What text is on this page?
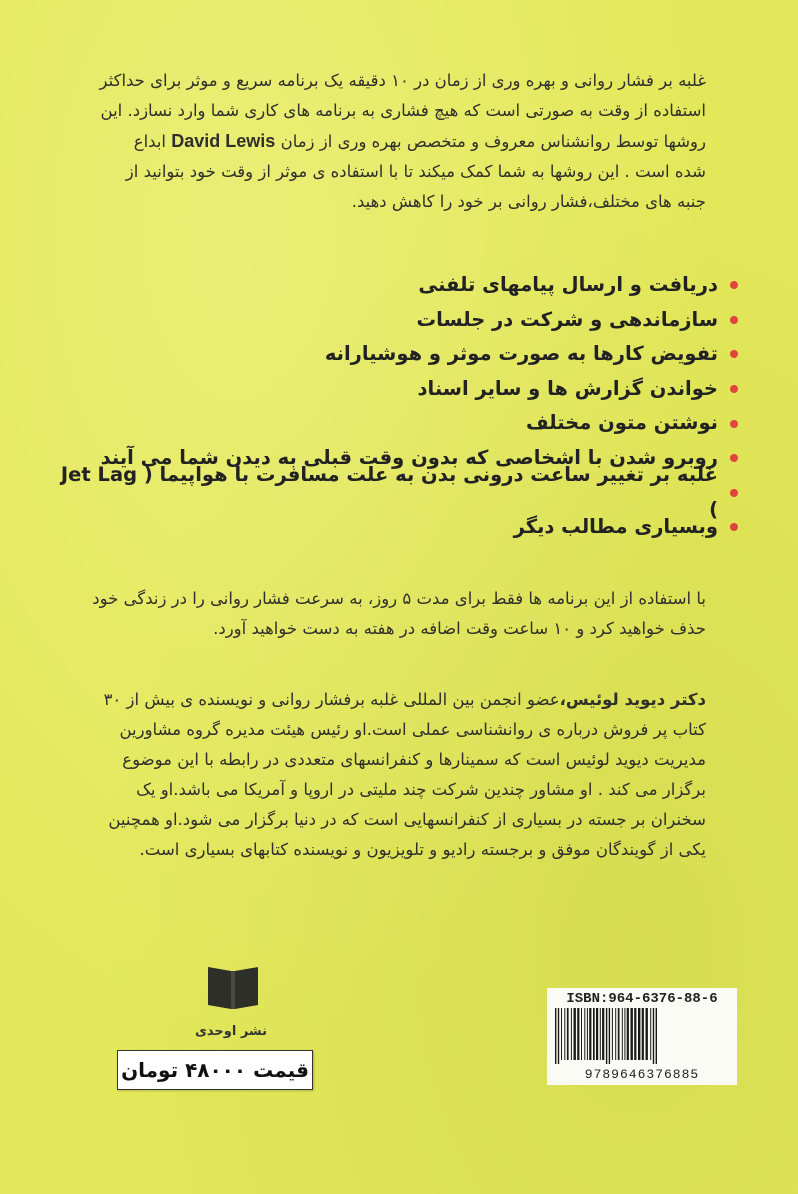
غلبه بر فشار روانی و بهره وری از زمان در ۱۰ دقیقه یک برنامه سریع و موثر برای حداکثر

استفاده از وقت به صورتی است که هیچ فشاری به برنامه های کاری شما وارد نسازد. این

روشها توسط روانشناس معروف و متخصص بهره وری از زمان David Lewis ابداع

شده است . این روشها به شما کمک میکند تا با استفاده ی موثر از وقت خود بتوانید از

جنبه های مختلف،فشار روانی بر خود را کاهش دهید.

دریافت و ارسال پیامهای تلفنی
سازماندهی و شرکت در جلسات
تفویض کارها به صورت موثر و هوشیارانه
خواندن گزارش ها و سایر اسناد
نوشتن متون مختلف
روبرو شدن با اشخاصی که بدون وقت قبلی به دیدن شما می آیند
غلبه بر تغییر ساعت درونی بدن به علت مسافرت با هواپیما ( Jet Lag )
وبسیاری مطالب دیگر

با استفاده از این برنامه ها فقط برای مدت ۵ روز، به سرعت فشار روانی را در زندگی خود

حذف خواهید کرد و ۱۰ ساعت وقت اضافه در هفته به دست خواهید آورد.

دکتر دیوید لوئیس،عضو انجمن بین المللی غلبه برفشار روانی و نویسنده ی بیش از ۳۰

کتاب پر فروش درباره ی روانشناسی عملی است.او رئیس هیئت مدیره گروه مشاورین

مدیریت دیوید لوئیس است که سمینارها و کنفرانسهای متعددی در رابطه با این موضوع

برگزار می کند . او مشاور چندین شرکت چند ملیتی در اروپا و آمریکا می باشد.او یک

سخنران بر جسته در بسیاری از کنفرانسهایی است که در دنیا برگزار می شود.او همچنین

یکی از گویندگان موفق و برجسته رادیو و تلویزیون و نویسنده کتابهای بسیاری است.

نشر اوحدی
قیمت ۴۸۰۰۰ تومان
ISBN:964-6376-88-6
9789646376885
